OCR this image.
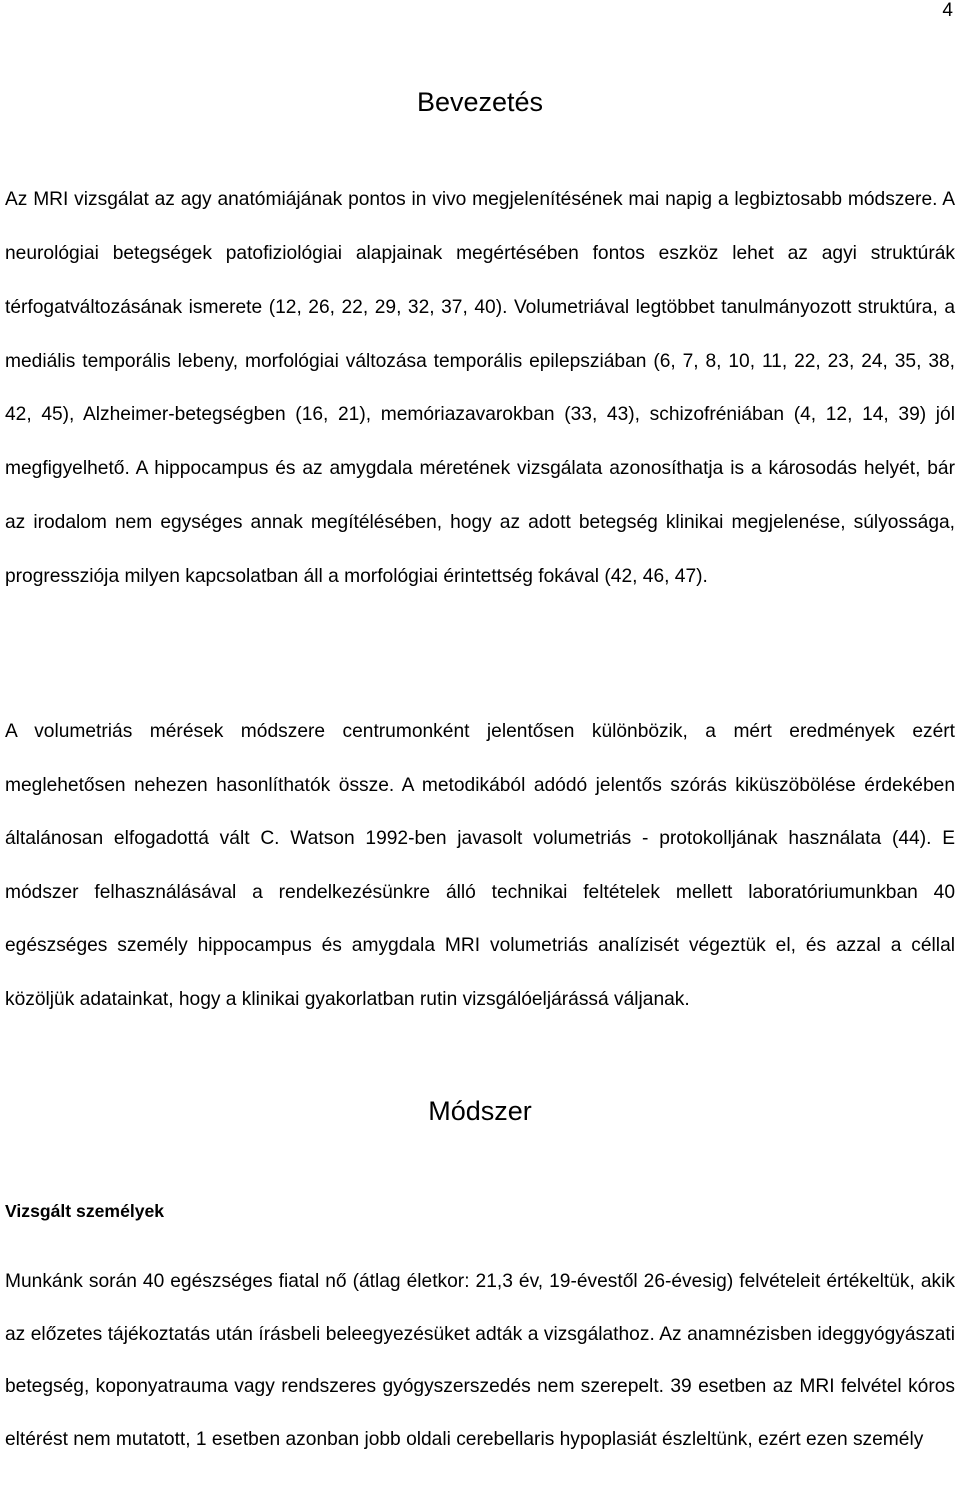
4
Bevezetés

Az MRI vizsgálat az agy anatómiájának pontos in vivo megjelenítésének mai napig a legbiztosabb módszere. A neurológiai betegségek patofiziológiai alapjainak megértésében fontos eszköz lehet az agyi struktúrák térfogatváltozásának ismerete (12, 26, 22, 29, 32, 37, 40). Volumetriával legtöbbet tanulmányozott struktúra, a mediális temporális lebeny, morfológiai változása temporális epilepsziában (6, 7, 8, 10, 11, 22, 23, 24, 35, 38, 42, 45), Alzheimer-betegségben (16, 21), memóriazavarokban (33, 43), schizofréniában (4, 12, 14, 39) jól megfigyelhető. A hippocampus és az amygdala méretének vizsgálata azonosíthatja is a károsodás helyét, bár az irodalom nem egységes annak megítélésében, hogy az adott betegség klinikai megjelenése, súlyossága, progressziója milyen kapcsolatban áll a morfológiai érintettség fokával (42, 46, 47).

A volumetriás mérések módszere centrumonként jelentősen különbözik, a mért eredmények ezért meglehetősen nehezen hasonlíthatók össze. A metodikából adódó jelentős szórás kiküszöbölése érdekében általánosan elfogadottá vált C. Watson 1992-ben javasolt volumetriás - protokolljának használata (44). E módszer felhasználásával a rendelkezésünkre álló technikai feltételek mellett laboratóriumunkban 40 egészséges személy hippocampus és amygdala MRI volumetriás analízisét végeztük el, és azzal a céllal közöljük adatainkat, hogy a klinikai gyakorlatban rutin vizsgálóeljárássá váljanak.

Módszer
Vizsgált személyek

Munkánk során 40 egészséges fiatal nő (átlag életkor: 21,3 év, 19-évestől 26-évesig) felvételeit értékeltük, akik az előzetes tájékoztatás után írásbeli beleegyezésüket adták a vizsgálathoz. Az anamnézisben ideggyógyászati betegség, koponyatrauma vagy rendszeres gyógyszerszedés nem szerepelt. 39 esetben az MRI felvétel kóros eltérést nem mutatott, 1 esetben azonban jobb oldali cerebellaris hypoplasiát észleltünk, ezért ezen személy
